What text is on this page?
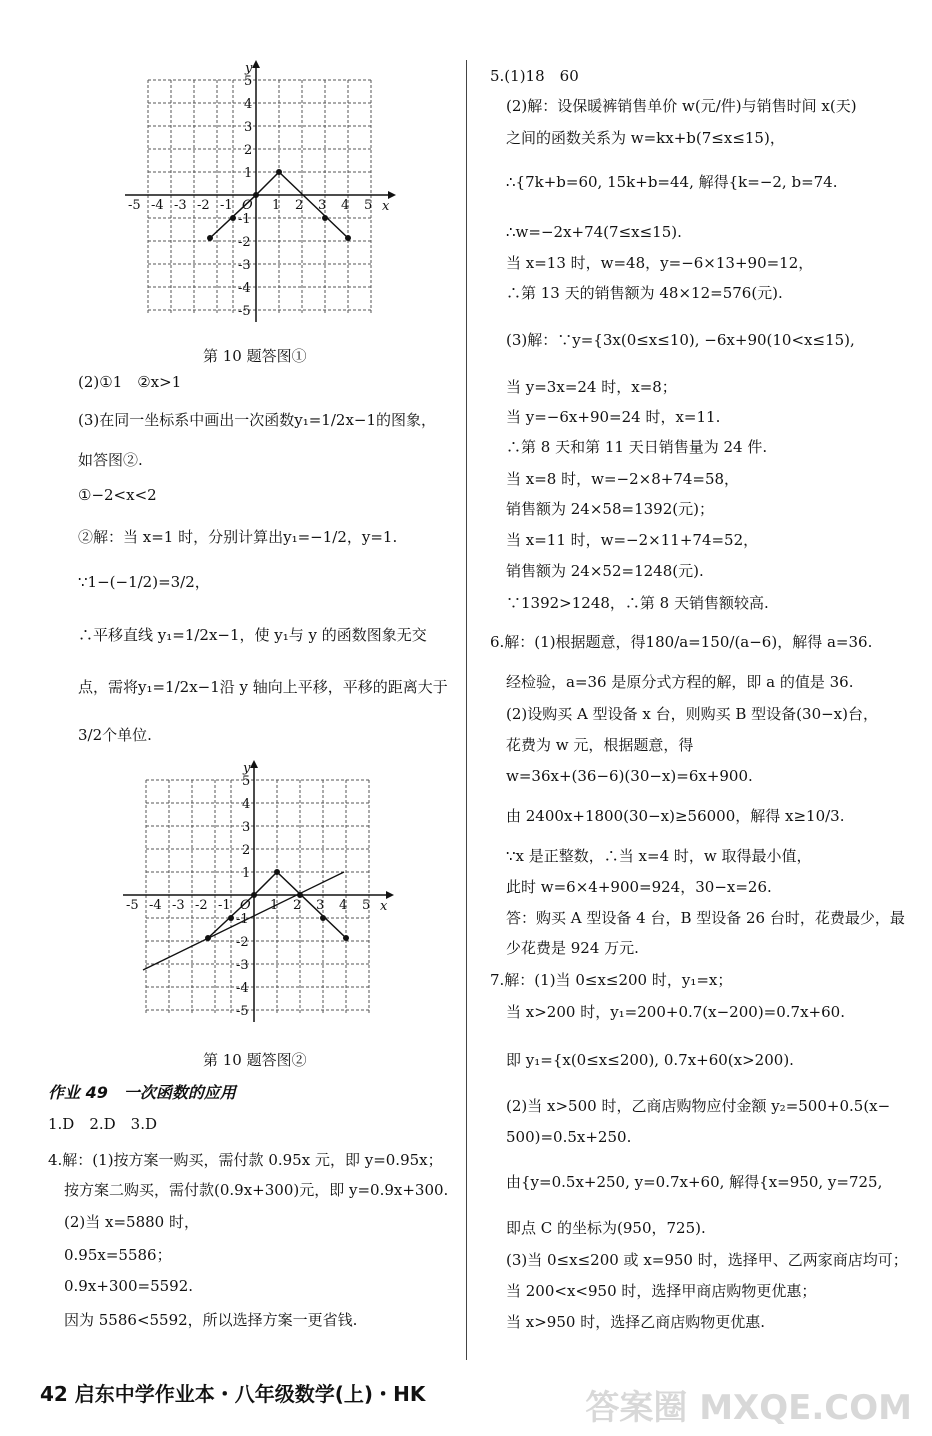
x
y
O
-5 -4 -3 -2 -1	1 2 3 4 5
5
4
3
2
1
-1
-2
-3
-4
-5
第 10 题答图①
(2)①1　②x>1
(3)在同一坐标系中画出一次函数y₁=1/2x−1的图象，
如答图②.
①−2<x<2
②解：当 x=1 时，分别计算出y₁=−1/2，y=1.
∵1−(−1/2)=3/2，
∴平移直线 y₁=1/2x−1，使 y₁与 y 的函数图象无交
点，需将y₁=1/2x−1沿 y 轴向上平移，平移的距离大于
3/2个单位.
x
y
O
-5 -4 -3 -2 -1	1 2 3 4 5
5
4
3
2
1
-1
-2
-3
-4
-5
第 10 题答图②
作业 49　一次函数的应用
1.D　2.D　3.D
4.解：(1)按方案一购买，需付款 0.95x 元，即 y=0.95x；
按方案二购买，需付款(0.9x+300)元，即 y=0.9x+300.
(2)当 x=5880 时，
0.95x=5586；
0.9x+300=5592.
因为 5586<5592，所以选择方案一更省钱.
5.(1)18　60
(2)解：设保暖裤销售单价 w(元/件)与销售时间 x(天)
之间的函数关系为 w=kx+b(7≤x≤15)，
∴{7k+b=60, 15k+b=44, 解得{k=−2, b=74.
∴w=−2x+74(7≤x≤15).
当 x=13 时，w=48，y=−6×13+90=12，
∴第 13 天的销售额为 48×12=576(元).
(3)解：∵y={3x(0≤x≤10), −6x+90(10<x≤15),
当 y=3x=24 时，x=8；
当 y=−6x+90=24 时，x=11.
∴第 8 天和第 11 天日销售量为 24 件.
当 x=8 时，w=−2×8+74=58，
销售额为 24×58=1392(元)；
当 x=11 时，w=−2×11+74=52，
销售额为 24×52=1248(元).
∵1392>1248，∴第 8 天销售额较高.
6.解：(1)根据题意，得180/a=150/(a−6)，解得 a=36.
经检验，a=36 是原分式方程的解，即 a 的值是 36.
(2)设购买 A 型设备 x 台，则购买 B 型设备(30−x)台，
花费为 w 元，根据题意，得
w=36x+(36−6)(30−x)=6x+900.
由 2400x+1800(30−x)≥56000，解得 x≥10/3.
∵x 是正整数，∴当 x=4 时，w 取得最小值，
此时 w=6×4+900=924，30−x=26.
答：购买 A 型设备 4 台，B 型设备 26 台时，花费最少，最
少花费是 924 万元.
7.解：(1)当 0≤x≤200 时，y₁=x；
当 x>200 时，y₁=200+0.7(x−200)=0.7x+60.
即 y₁={x(0≤x≤200), 0.7x+60(x>200).
(2)当 x>500 时，乙商店购物应付金额 y₂=500+0.5(x−
500)=0.5x+250.
由{y=0.5x+250, y=0.7x+60, 解得{x=950, y=725,
即点 C 的坐标为(950，725).
(3)当 0≤x≤200 或 x=950 时，选择甲、乙两家商店均可；
当 200<x<950 时，选择甲商店购物更优惠；
当 x>950 时，选择乙商店购物更优惠.
42 启东中学作业本・八年级数学(上)・HK	答案圈 MXQE.COM
